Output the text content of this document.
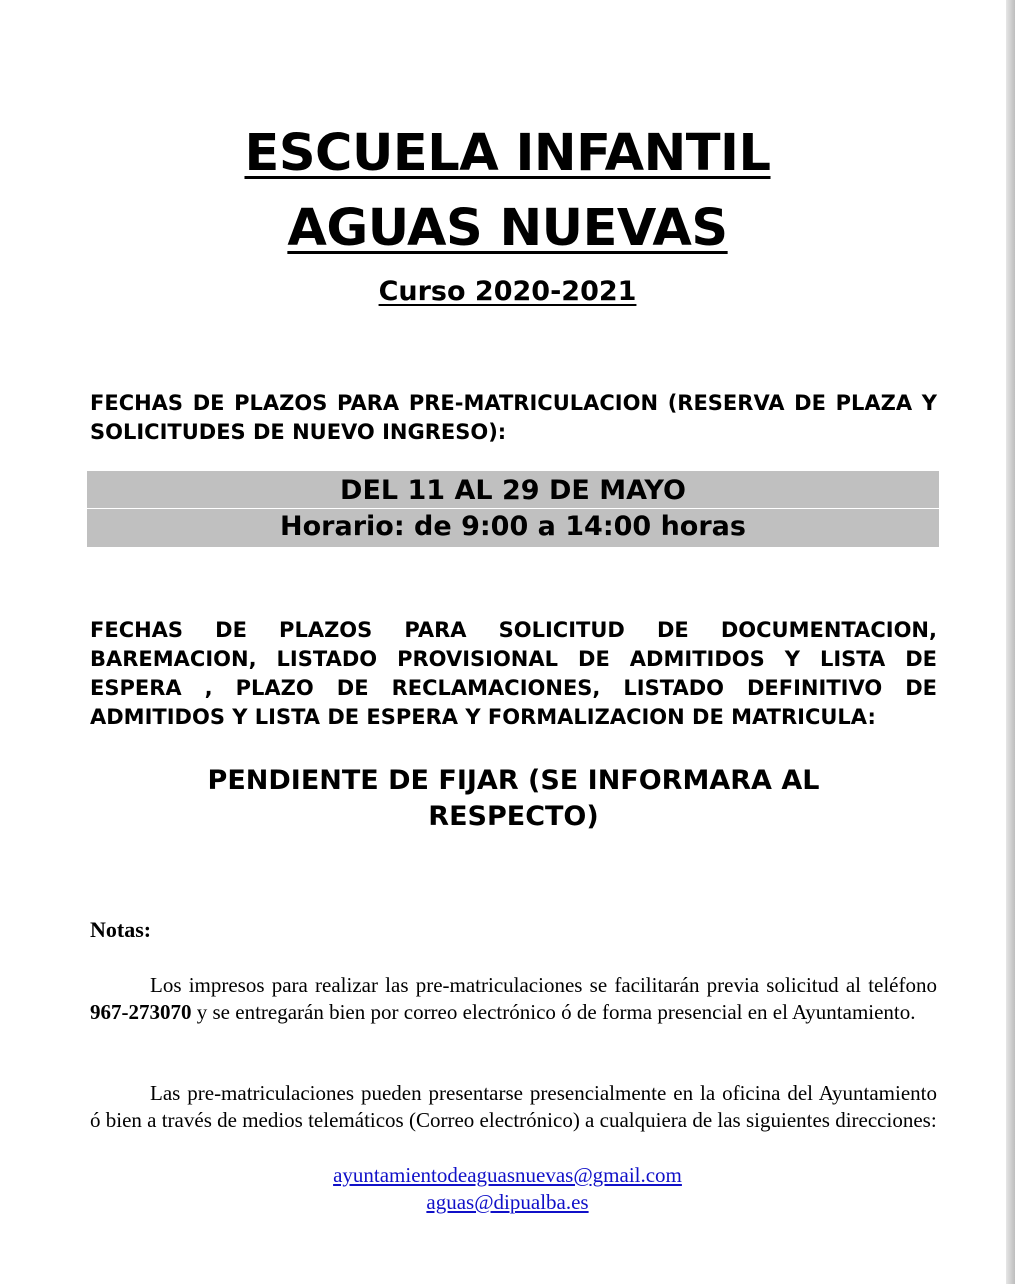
ESCUELA INFANTIL
AGUAS NUEVAS
Curso 2020-2021
FECHAS DE PLAZOS PARA PRE-MATRICULACION (RESERVA DE PLAZA Y SOLICITUDES DE NUEVO INGRESO):
DEL 11 AL 29 DE MAYO
Horario: de 9:00 a 14:00 horas
FECHAS DE PLAZOS PARA SOLICITUD DE DOCUMENTACION, BAREMACION, LISTADO PROVISIONAL DE ADMITIDOS Y LISTA DE ESPERA , PLAZO DE RECLAMACIONES, LISTADO DEFINITIVO DE ADMITIDOS Y LISTA DE ESPERA Y FORMALIZACION DE MATRICULA:
PENDIENTE DE FIJAR (SE INFORMARA AL
RESPECTO)
Notas:
Los impresos para realizar las pre-matriculaciones se facilitarán previa solicitud al teléfono 967-273070 y se entregarán bien por correo electrónico ó de forma presencial en el Ayuntamiento.
Las pre-matriculaciones pueden presentarse presencialmente en la oficina del Ayuntamiento ó bien a través de medios telemáticos (Correo electrónico) a cualquiera de las siguientes direcciones:
ayuntamientodeaguasnuevas@gmail.com
aguas@dipualba.es
